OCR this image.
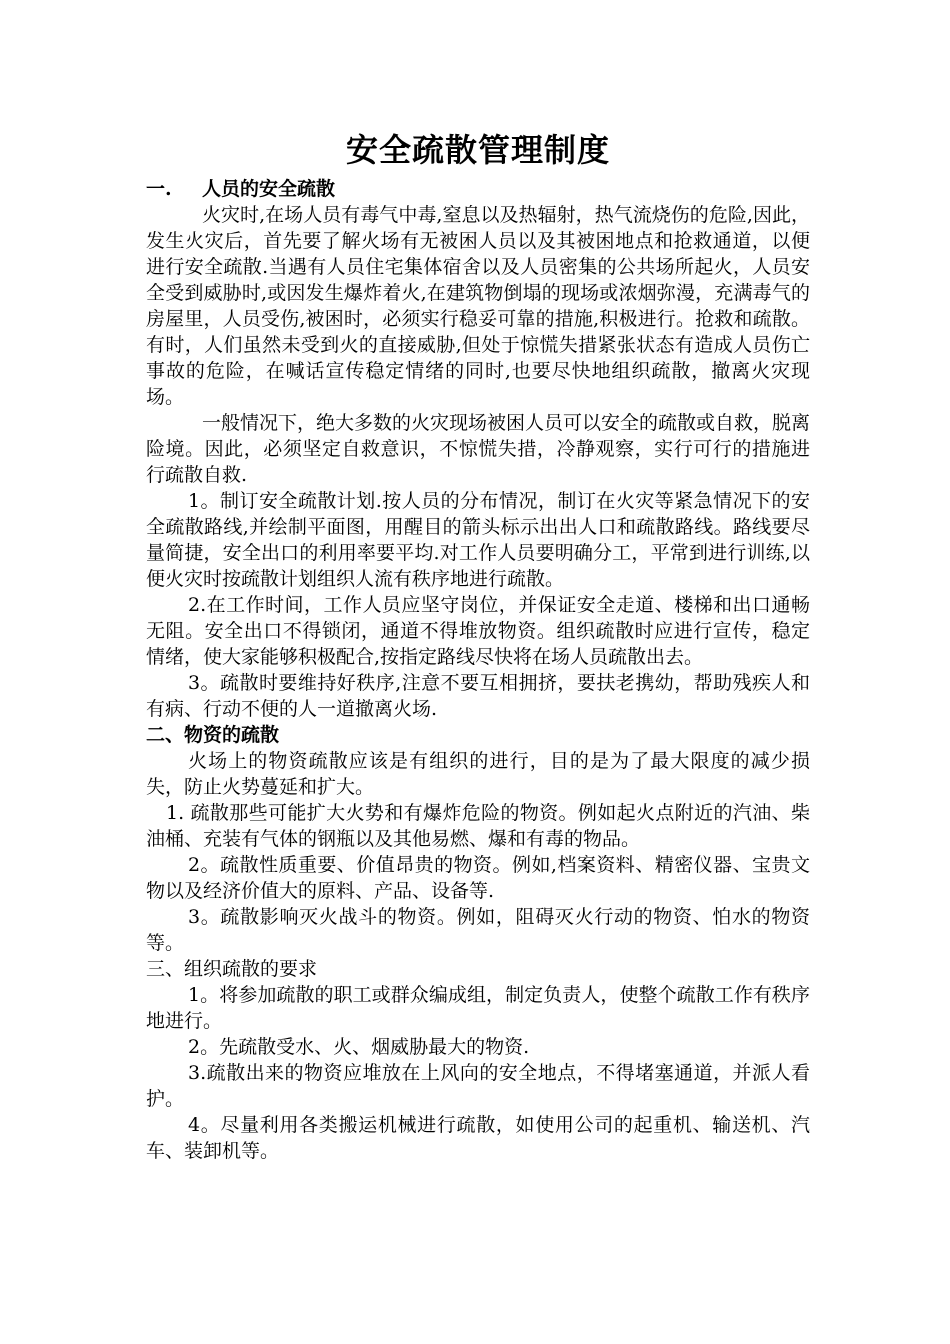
安全疏散管理制度
一. 人员的安全疏散

火灾时,在场人员有毒气中毒,窒息以及热辐射，热气流烧伤的危险,因此，发生火灾后，首先要了解火场有无被困人员以及其被困地点和抢救通道，以便进行安全疏散.当遇有人员住宅集体宿舍以及人员密集的公共场所起火，人员安全受到威胁时,或因发生爆炸着火,在建筑物倒塌的现场或浓烟弥漫，充满毒气的房屋里，人员受伤,被困时，必须实行稳妥可靠的措施,积极进行。抢救和疏散。有时，人们虽然未受到火的直接威胁,但处于惊慌失措紧张状态有造成人员伤亡事故的危险，在喊话宣传稳定情绪的同时,也要尽快地组织疏散，撤离火灾现场。

一般情况下，绝大多数的火灾现场被困人员可以安全的疏散或自救，脱离险境。因此，必须坚定自救意识，不惊慌失措，冷静观察，实行可行的措施进行疏散自救.

1。制订安全疏散计划.按人员的分布情况，制订在火灾等紧急情况下的安全疏散路线,并绘制平面图，用醒目的箭头标示出出人口和疏散路线。路线要尽量简捷，安全出口的利用率要平均.对工作人员要明确分工，平常到进行训练,以便火灾时按疏散计划组织人流有秩序地进行疏散。

2.在工作时间，工作人员应坚守岗位，并保证安全走道、楼梯和出口通畅无阻。安全出口不得锁闭，通道不得堆放物资。组织疏散时应进行宣传，稳定情绪，使大家能够积极配合,按指定路线尽快将在场人员疏散出去。

3。疏散时要维持好秩序,注意不要互相拥挤，要扶老携幼，帮助残疾人和有病、行动不便的人一道撤离火场.

二、物资的疏散

火场上的物资疏散应该是有组织的进行，目的是为了最大限度的减少损失，防止火势蔓延和扩大。

1. 疏散那些可能扩大火势和有爆炸危险的物资。例如起火点附近的汽油、柴油桶、充装有气体的钢瓶以及其他易燃、爆和有毒的物品。

2。疏散性质重要、价值昂贵的物资。例如,档案资料、精密仪器、宝贵文物以及经济价值大的原料、产品、设备等.

3。疏散影响灭火战斗的物资。例如，阻碍灭火行动的物资、怕水的物资等。

三、组织疏散的要求

1。将参加疏散的职工或群众编成组，制定负责人，使整个疏散工作有秩序地进行。

2。先疏散受水、火、烟威胁最大的物资.

3.疏散出来的物资应堆放在上风向的安全地点，不得堵塞通道，并派人看护。

4。尽量利用各类搬运机械进行疏散，如使用公司的起重机、输送机、汽车、装卸机等。
